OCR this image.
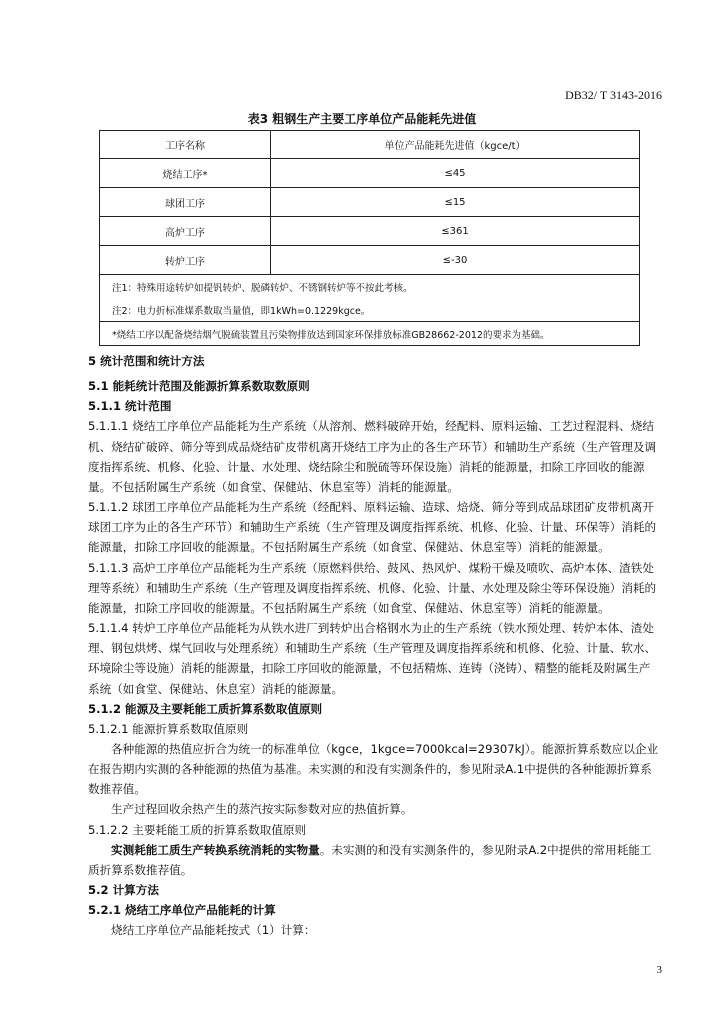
DB32/ T 3143-2016
表3 粗钢生产主要工序单位产品能耗先进值
工序名称	单位产品能耗先进值（kgce/t）
烧结工序*	≤45
球团工序	≤15
高炉工序	≤361
转炉工序	≤-30
注1：特殊用途转炉如提钒转炉、脱磷转炉、不锈钢转炉等不按此考核。	
注2：电力折标准煤系数取当量值，即1kWh=0.1229kgce。	
*烧结工序以配备烧结烟气脱硫装置且污染物排放达到国家环保排放标准GB28662-2012的要求为基础。	

5 统计范围和统计方法

5.1 能耗统计范围及能源折算系数取数原则

5.1.1 统计范围

5.1.1.1 烧结工序单位产品能耗为生产系统（从溶剂、燃料破碎开始，经配料、原料运输、工艺过程混料、烧结机、烧结矿破碎、筛分等到成品烧结矿皮带机离开烧结工序为止的各生产环节）和辅助生产系统（生产管理及调度指挥系统、机修、化验、计量、水处理、烧结除尘和脱硫等环保设施）消耗的能源量，扣除工序回收的能源量。不包括附属生产系统（如食堂、保健站、休息室等）消耗的能源量。

5.1.1.2 球团工序单位产品能耗为生产系统（经配料、原料运输、造球、焙烧、筛分等到成品球团矿皮带机离开球团工序为止的各生产环节）和辅助生产系统（生产管理及调度指挥系统、机修、化验、计量、环保等）消耗的能源量，扣除工序回收的能源量。不包括附属生产系统（如食堂、保健站、休息室等）消耗的能源量。

5.1.1.3 高炉工序单位产品能耗为生产系统（原燃料供给、鼓风、热风炉、煤粉干燥及喷吹、高炉本体、渣铁处理等系统）和辅助生产系统（生产管理及调度指挥系统、机修、化验、计量、水处理及除尘等环保设施）消耗的能源量，扣除工序回收的能源量。不包括附属生产系统（如食堂、保健站、休息室等）消耗的能源量。

5.1.1.4 转炉工序单位产品能耗为从铁水进厂到转炉出合格钢水为止的生产系统（铁水预处理、转炉本体、渣处理、钢包烘烤、煤气回收与处理系统）和辅助生产系统（生产管理及调度指挥系统和机修、化验、计量、软水、环境除尘等设施）消耗的能源量，扣除工序回收的能源量，不包括精炼、连铸（浇铸）、精整的能耗及附属生产系统（如食堂、保健站、休息室）消耗的能源量。

5.1.2 能源及主要耗能工质折算系数取值原则

5.1.2.1 能源折算系数取值原则

各种能源的热值应折合为统一的标准单位（kgce，1kgce=7000kcal=29307kJ）。能源折算系数应以企业在报告期内实测的各种能源的热值为基准。未实测的和没有实测条件的，参见附录A.1中提供的各种能源折算系数推荐值。

生产过程回收余热产生的蒸汽按实际参数对应的热值折算。

5.1.2.2 主要耗能工质的折算系数取值原则

实测耗能工质生产转换系统消耗的实物量。未实测的和没有实测条件的，参见附录A.2中提供的常用耗能工质折算系数推荐值。

5.2 计算方法

5.2.1 烧结工序单位产品能耗的计算

烧结工序单位产品能耗按式（1）计算：

3
